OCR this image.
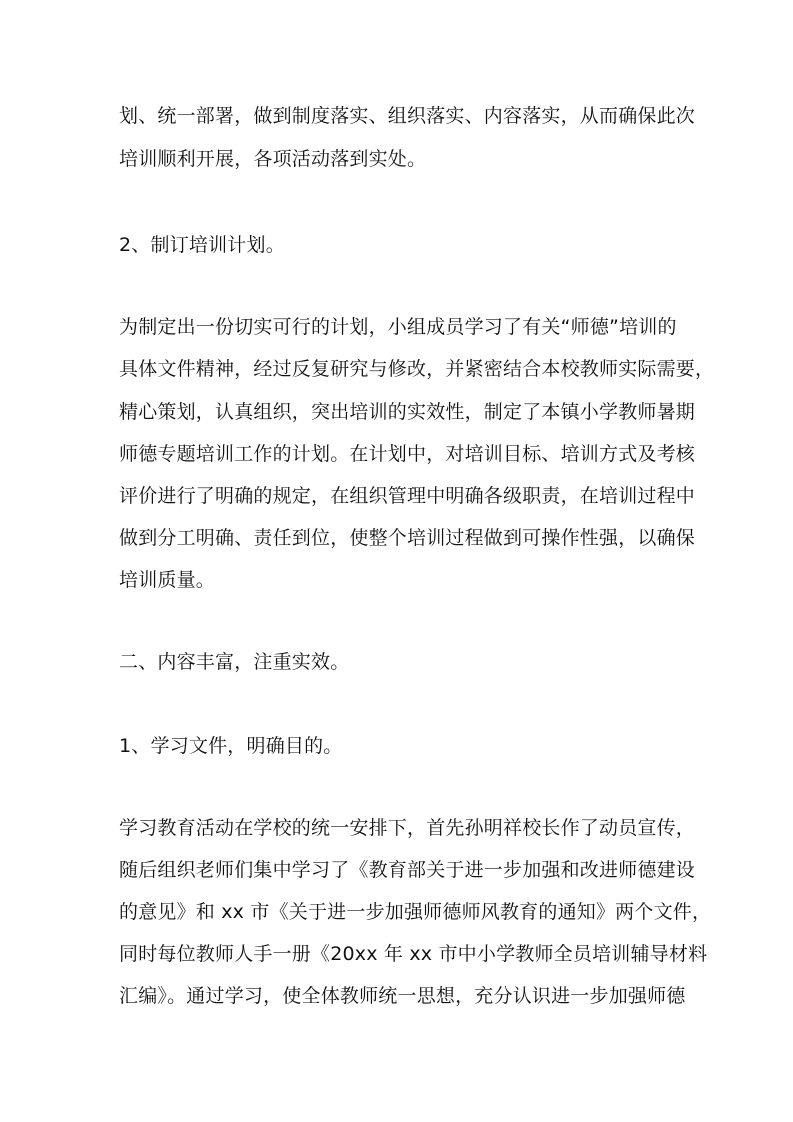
划、统一部署，做到制度落实、组织落实、内容落实，从而确保此次
培训顺利开展，各项活动落到实处。
2、制订培训计划。
为制定出一份切实可行的计划，小组成员学习了有关“师德”培训的
具体文件精神，经过反复研究与修改，并紧密结合本校教师实际需要，
精心策划，认真组织，突出培训的实效性，制定了本镇小学教师暑期
师德专题培训工作的计划。在计划中，对培训目标、培训方式及考核
评价进行了明确的规定，在组织管理中明确各级职责，在培训过程中
做到分工明确、责任到位，使整个培训过程做到可操作性强，以确保
培训质量。
二、内容丰富，注重实效。
1、学习文件，明确目的。
学习教育活动在学校的统一安排下，首先孙明祥校长作了动员宣传，
随后组织老师们集中学习了《教育部关于进一步加强和改进师德建设
的意见》和 xx 市《关于进一步加强师德师风教育的通知》两个文件，
同时每位教师人手一册《20xx 年 xx 市中小学教师全员培训辅导材料
汇编》。通过学习，使全体教师统一思想，充分认识进一步加强师德
